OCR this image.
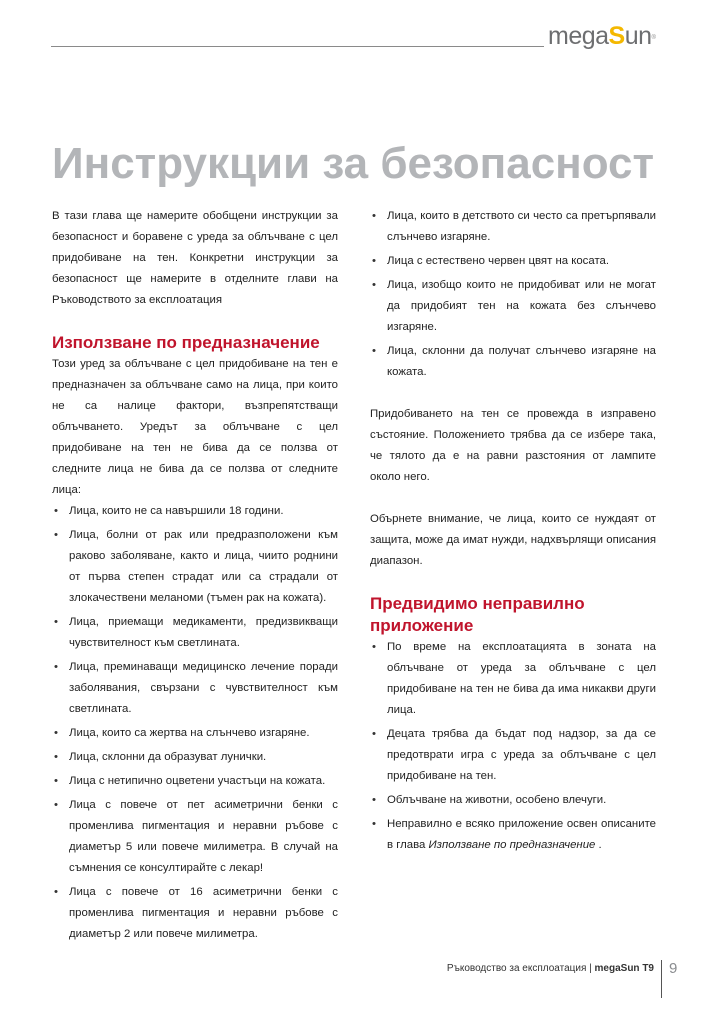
megaSun®
Инструкции за безопасност

В тази глава ще намерите обобщени инструкции за безопасност и боравене с уреда за облъчване с цел придобиване на тен. Конкретни инструкции за безопасност ще намерите в отделните глави на Ръководството за експлоатация

Използване по предназначение

Този уред за облъчване с цел придобиване на тен е предназначен за облъчване само на лица, при които не са налице фактори, възпрепятстващи облъчването. Уредът за облъчване с цел придобиване на тен не бива да се ползва от следните лица не бива да се ползва от следните лица:

• Лица, които не са навършили 18 години.
• Лица, болни от рак или предразположени към раково заболяване, както и лица, чиито роднини от първа степен страдат или са страдали от злокачествени меланоми (тъмен рак на кожата).
• Лица, приемащи медикаменти, предизвикващи чувствителност към светлината.
• Лица, преминаващи медицинско лечение поради заболявания, свързани с чувствителност към светлината.
• Лица, които са жертва на слънчево изгаряне.
• Лица, склонни да образуват лунички.
• Лица с нетипично оцветени участъци на кожата.
• Лица с повече от пет асиметрични бенки с променлива пигментация и неравни ръбове с диаметър 5 или повече милиметра. В случай на съмнения се консултирайте с лекар!
• Лица с повече от 16 асиметрични бенки с променлива пигментация и неравни ръбове с диаметър 2 или повече милиметра.
• Лица, които в детството си често са претърпявали слънчево изгаряне.
• Лица с естествено червен цвят на косата.
• Лица, изобщо които не придобиват или не могат да придобият тен на кожата без слънчево изгаряне.
• Лица, склонни да получат слънчево изгаряне на кожата.

Придобиването на тен се провежда в изправено състояние. Положението трябва да се избере така, че тялото да е на равни разстояния от лампите около него.

Обърнете внимание, че лица, които се нуждаят от защита, може да имат нужди, надхвърлящи описания диапазон.

Предвидимо неправилно приложение
• По време на експлоатацията в зоната на облъчване от уреда за облъчване с цел придобиване на тен не бива да има никакви други лица.
• Децата трябва да бъдат под надзор, за да се предотврати игра с уреда за облъчване с цел придобиване на тен.
• Облъчване на животни, особено влечуги.
• Неправилно е всяко приложение освен описаните в глава Използване по предназначение .
Ръководство за експлоатация | megaSun T9 9
